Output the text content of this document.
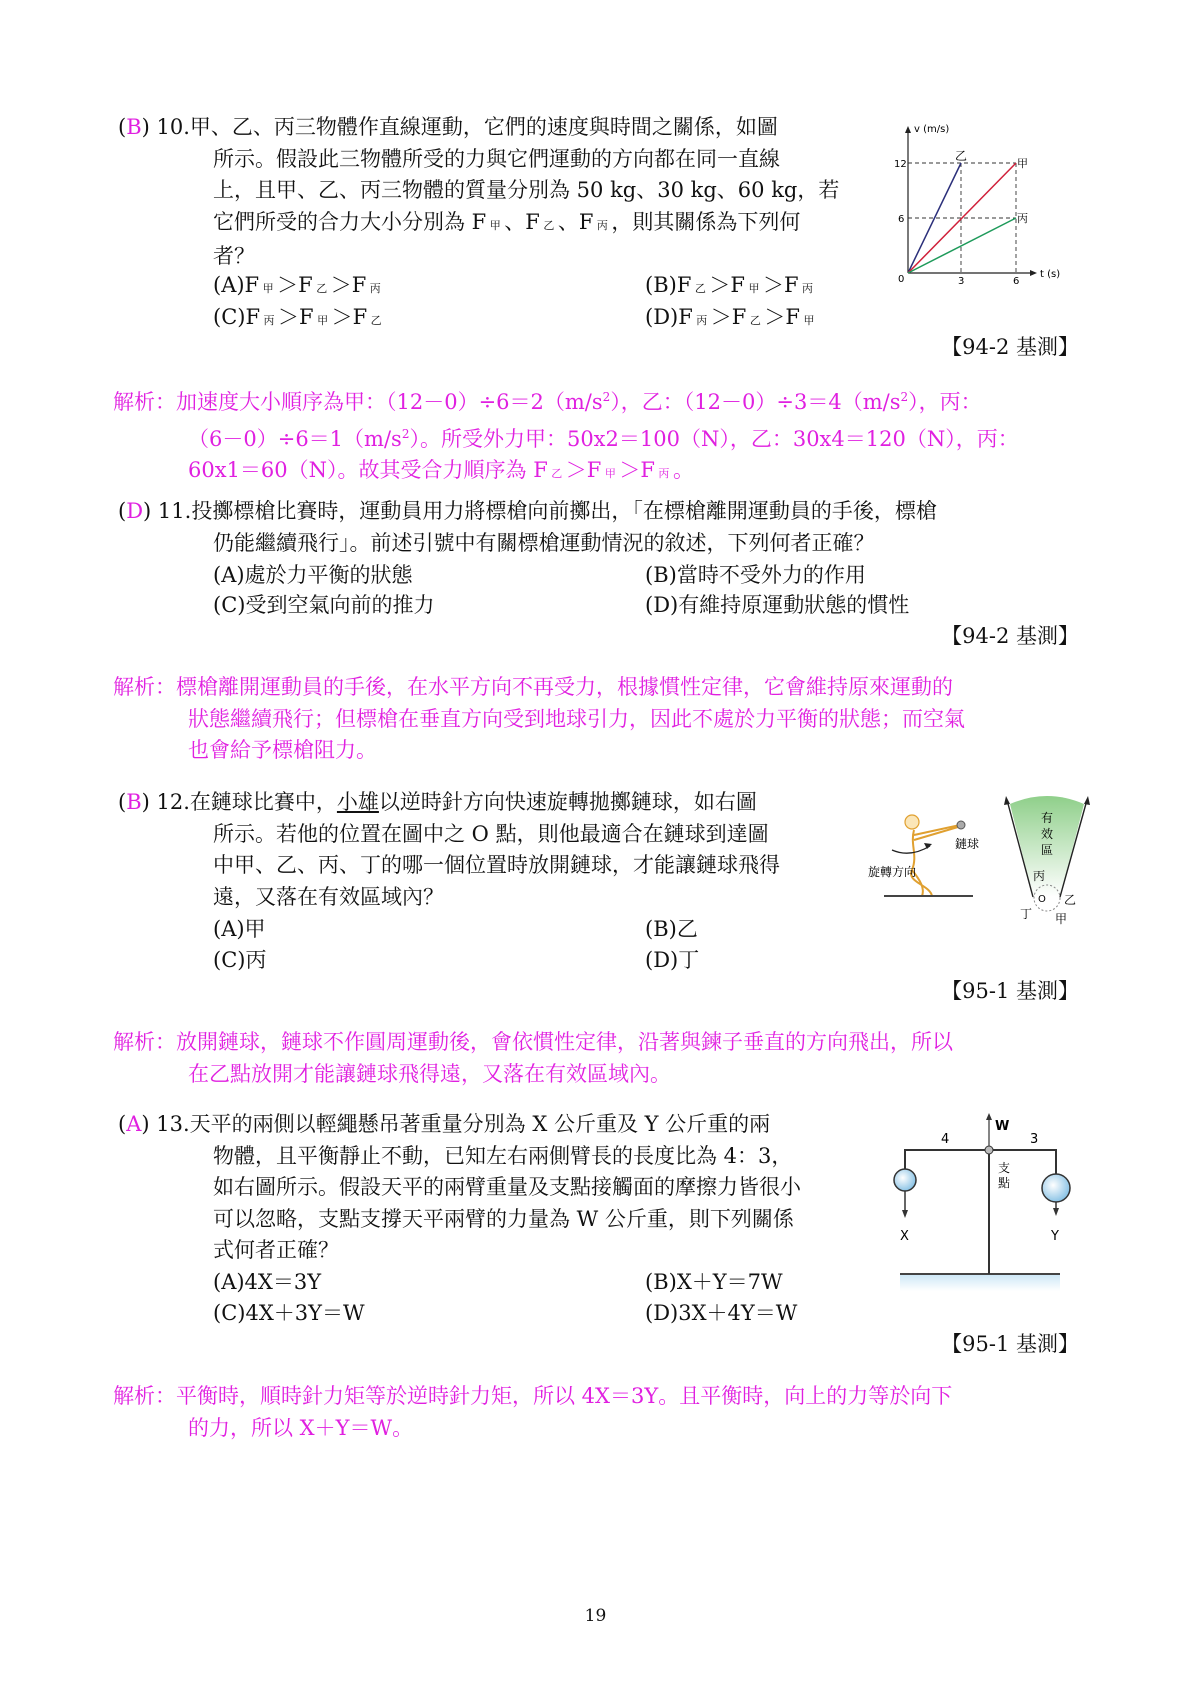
(B) 10.甲、乙、丙三物體作直線運動，它們的速度與時間之關係，如圖
所示。假設此三物體所受的力與它們運動的方向都在同一直線
上，且甲、乙、丙三物體的質量分別為 50 kg、30 kg、60 kg，若
它們所受的合力大小分別為 F 甲 、F 乙 、F 丙 ，則其關係為下列何
者？
(A)F 甲 ＞F 乙 ＞F 丙	(B)F 乙 ＞F 甲 ＞F 丙
(C)F 丙 ＞F 甲 ＞F 乙	(D)F 丙 ＞F 乙 ＞F 甲
【94-2 基測】
解析：加速度大小順序為甲：$(12-0)\div 6=2(m/s^2)$，乙：$(12-0)\div 3=4(m/s^2)$，丙：
$(6-0)\div 6=1(m/s^2)$。所受外力甲：50x2＝100（N），乙：30x4＝120（N），丙：
60x1＝60（N）。故其受合力順序為 F 乙 ＞F 甲 ＞F 丙 。
v (m/s)
t (s)
12
6
0	3	6
乙
甲
丙
(D) 11.投擲標槍比賽時，運動員用力將標槍向前擲出，「在標槍離開運動員的手後，標槍
仍能繼續飛行」。前述引號中有關標槍運動情況的敘述，下列何者正確？
(A)處於力平衡的狀態	(B)當時不受外力的作用
(C)受到空氣向前的推力	(D)有維持原運動狀態的慣性
【94-2 基測】
解析：標槍離開運動員的手後，在水平方向不再受力，根據慣性定律，它會維持原來運動的
狀態繼續飛行；但標槍在垂直方向受到地球引力，因此不處於力平衡的狀態；而空氣
也會給予標槍阻力。
(B) 12.在鏈球比賽中，小雄以逆時針方向快速旋轉拋擲鏈球，如右圖
所示。若他的位置在圖中之 O 點，則他最適合在鏈球到達圖
中甲、乙、丙、丁的哪一個位置時放開鏈球，才能讓鏈球飛得
遠，又落在有效區域內？
(A)甲	(B)乙
(C)丙	(D)丁
【95-1 基測】
解析：放開鏈球，鏈球不作圓周運動後，會依慣性定律，沿著與鍊子垂直的方向飛出，所以
在乙點放開才能讓鏈球飛得遠，又落在有效區域內。
鏈球
旋轉方向
有
效
區
丙
乙
丁 甲
O
(A) 13.天平的兩側以輕繩懸吊著重量分別為 X 公斤重及 Y 公斤重的兩
物體，且平衡靜止不動，已知左右兩側臂長的長度比為 4：3，
如右圖所示。假設天平的兩臂重量及支點接觸面的摩擦力皆很小
可以忽略，支點支撐天平兩臂的力量為 W 公斤重，則下列關係
式何者正確？
(A)4X＝3Y	(B)X＋Y＝7W
(C)4X＋3Y＝W	(D)3X＋4Y＝W
【95-1 基測】
解析：平衡時，順時針力矩等於逆時針力矩，所以 4X＝3Y。且平衡時，向上的力等於向下
的力，所以 X＋Y＝W。
W
4	3
支
點
X	Y
19
